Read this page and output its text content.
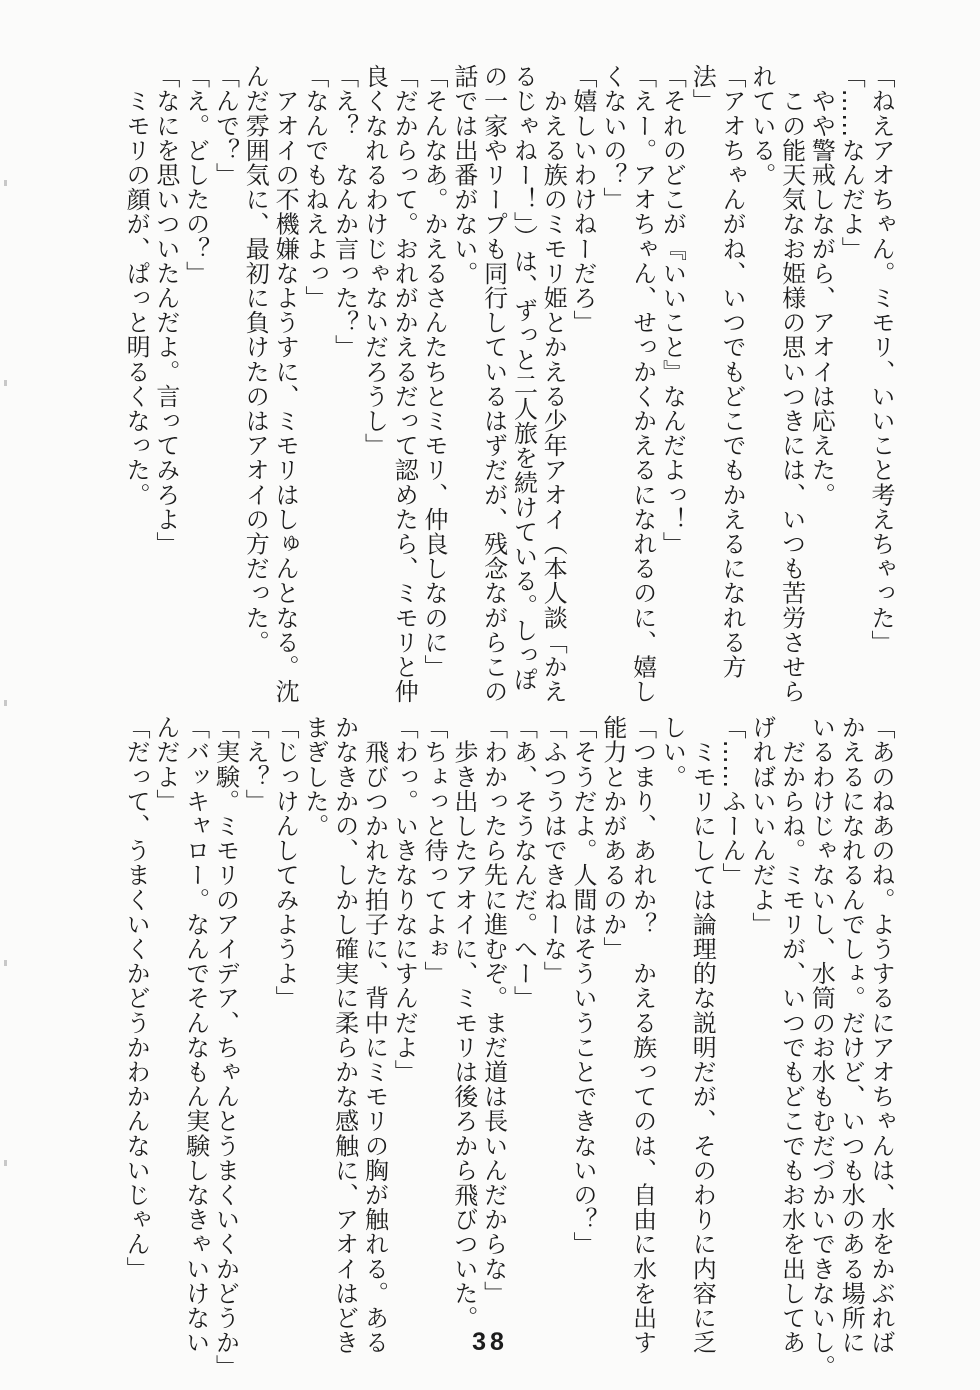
「ねえアオちゃん。ミモリ、いいこと考えちゃった」
「……なんだよ」
　やや警戒しながら、アオイは応えた。
　この能天気なお姫様の思いつきには、いつも苦労させら
れている。
「アオちゃんがね、いつでもどこでもかえるになれる方
法」
「それのどこが『いいこと』なんだよっ！」
「えー。アオちゃん、せっかくかえるになれるのに、嬉し
くないの？」
「嬉しいわけねーだろ」
　かえる族のミモリ姫とかえる少年アオイ（本人談「かえ
るじゃねー！」）は、ずっと二人旅を続けている。しっぽ
の一家やリープも同行しているはずだが、残念ながらこの
話では出番がない。
「そんなあ。かえるさんたちとミモリ、仲良しなのに」
「だからって。おれがかえるだって認めたら、ミモリと仲
良くなれるわけじゃないだろうし」
「え？　なんか言った？」
「なんでもねえよっ」
　アオイの不機嫌なようすに、ミモリはしゅんとなる。沈
んだ雰囲気に、最初に負けたのはアオイの方だった。
「んで？」
「え。どしたの？」
「なにを思いついたんだよ。言ってみろよ」
　ミモリの顔が、ぱっと明るくなった。
「あのねあのね。ようするにアオちゃんは、水をかぶれば
かえるになれるんでしょ。だけど、いつも水のある場所に
いるわけじゃないし、水筒のお水もむだづかいできないし。
　だからね。ミモリが、いつでもどこでもお水を出してあ
げればいいんだよ」
「……ふーん」
　ミモリにしては論理的な説明だが、そのわりに内容に乏
しい。
「つまり、あれか？　かえる族ってのは、自由に水を出す
能力とかがあるのか」
「そうだよ。人間はそういうことできないの？」
「ふつうはできねーな」
「あ、そうなんだ。へー」
「わかったら先に進むぞ。まだ道は長いんだからな」
　歩き出したアオイに、ミモリは後ろから飛びついた。
「ちょっと待ってよぉ」
「わっ。いきなりなにすんだよ」
　飛びつかれた拍子に、背中にミモリの胸が触れる。ある
かなきかの、しかし確実に柔らかな感触に、アオイはどき
まぎした。
「じっけんしてみようよ」
「え？」
「実験。ミモリのアイデア、ちゃんとうまくいくかどうか」
「バッキャロー。なんでそんなもん実験しなきゃいけない
んだよ」
「だって、うまくいくかどうかわかんないじゃん」
38
